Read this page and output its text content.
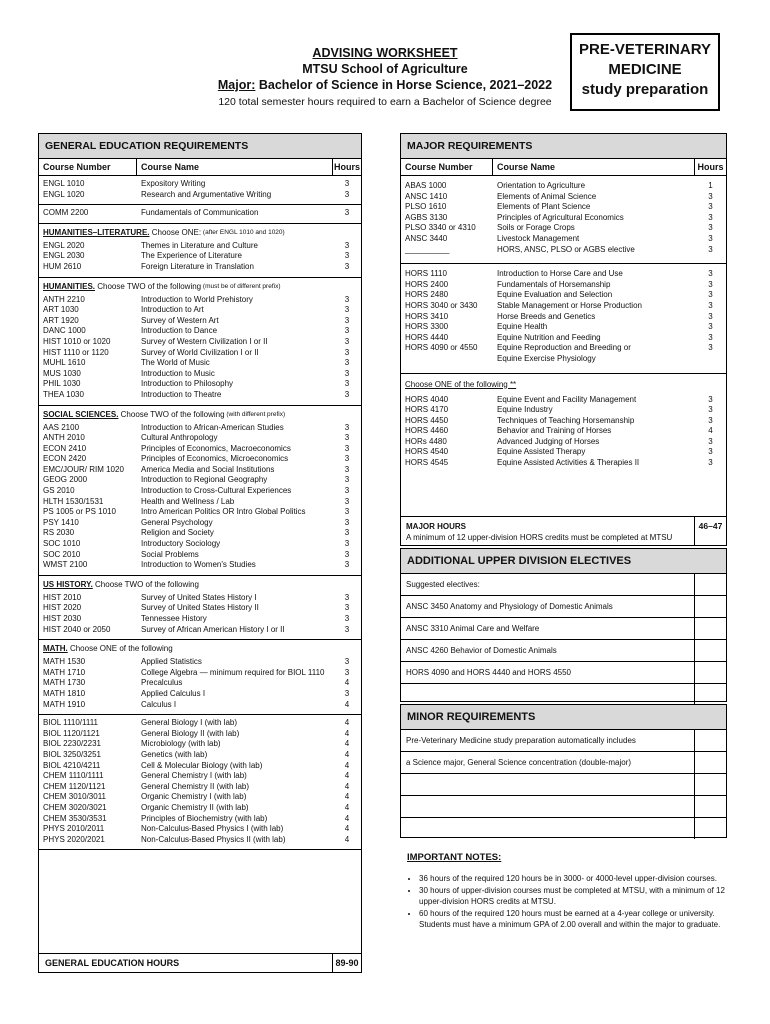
ADVISING WORKSHEET
MTSU School of Agriculture
Major: Bachelor of Science in Horse Science, 2021–2022
120 total semester hours required to earn a Bachelor of Science degree
PRE-VETERINARY
MEDICINE
study preparation
GENERAL EDUCATION REQUIREMENTS
Course Number	Course Name	Hours
ENGL 1010	Expository Writing	3
ENGL 1020	Research and Argumentative Writing	3
COMM 2200	Fundamentals of Communication	3
HUMANITIES–LITERATURE. Choose ONE: (after ENGL 1010 and 1020)
ENGL 2020	Themes in Literature and Culture	3
ENGL 2030	The Experience of Literature	3
HUM 2610	Foreign Literature in Translation	3
HUMANITIES. Choose TWO of the following (must be of different prefix)
ANTH 2210	Introduction to World Prehistory	3
ART 1030	Introduction to Art	3
ART 1920	Survey of Western Art	3
DANC 1000	Introduction to Dance	3
HIST 1010 or 1020	Survey of Western Civilization I or II	3
HIST 1110 or 1120	Survey of World Civilization I or II	3
MUHL 1610	The World of Music	3
MUS 1030	Introduction to Music	3
PHIL 1030	Introduction to Philosophy	3
THEA 1030	Introduction to Theatre	3
SOCIAL SCIENCES. Choose TWO of the following (with different prefix)
AAS 2100	Introduction to African-American Studies	3
ANTH 2010	Cultural Anthropology	3
ECON 2410	Principles of Economics, Macroeconomics	3
ECON 2420	Principles of Economics, Microeconomics	3
EMC/JOUR/ RIM 1020	America Media and Social Institutions	3
GEOG 2000	Introduction to Regional Geography	3
GS 2010	Introduction to Cross-Cultural Experiences	3
HLTH 1530/1531	Health and Wellness / Lab	3
PS 1005 or PS 1010	Intro American Politics OR Intro Global Politics	3
PSY 1410	General Psychology	3
RS 2030	Religion and Society	3
SOC 1010	Introductory Sociology	3
SOC 2010	Social Problems	3
WMST 2100	Introduction to Women's Studies	3
US HISTORY. Choose TWO of the following
HIST 2010	Survey of United States History I	3
HIST 2020	Survey of United States History II	3
HIST 2030	Tennessee History	3
HIST 2040 or 2050	Survey of African American History I or II	3
MATH. Choose ONE of the following
MATH 1530	Applied Statistics	3
MATH 1710	College Algebra — minimum required for BIOL 1110	3
MATH 1730	Precalculus	4
MATH 1810	Applied Calculus I	3
MATH 1910	Calculus I	4
BIOL 1110/1111	General Biology I (with lab)	4
BIOL 1120/1121	General Biology II (with lab)	4
BIOL 2230/2231	Microbiology (with lab)	4
BIOL 3250/3251	Genetics (with lab)	4
BIOL 4210/4211	Cell & Molecular Biology (with lab)	4
CHEM 1110/1111	General Chemistry I (with lab)	4
CHEM 1120/1121	General Chemistry II (with lab)	4
CHEM 3010/3011	Organic Chemistry I (with lab)	4
CHEM 3020/3021	Organic Chemistry II (with lab)	4
CHEM 3530/3531	Principles of Biochemistry (with lab)	4
PHYS 2010/2011	Non-Calculus-Based Physics I (with lab)	4
PHYS 2020/2021	Non-Calculus-Based Physics II (with lab)	4
GENERAL EDUCATION HOURS	89-90
MAJOR REQUIREMENTS
Course Number	Course Name	Hours
ABAS 1000	Orientation to Agriculture	1
ANSC 1410	Elements of Animal Science	3
PLSO 1610	Elements of Plant Science	3
AGBS 3130	Principles of Agricultural Economics	3
PLSO 3340 or 4310	Soils or Forage Crops	3
ANSC 3440	Livestock Management	3
__________	HORS, ANSC, PLSO or AGBS elective	3
HORS 1110	Introduction to Horse Care and Use	3
HORS 2400	Fundamentals of Horsemanship	3
HORS 2480	Equine Evaluation and Selection	3
HORS 3040 or 3430	Stable Management or Horse Production	3
HORS 3410	Horse Breeds and Genetics	3
HORS 3300	Equine Health	3
HORS 4440	Equine Nutrition and Feeding	3
HORS 4090 or 4550	Equine Reproduction and Breeding or	3
Equine Exercise Physiology
Choose ONE of the following **
HORS 4040	Equine Event and Facility Management	3
HORS 4170	Equine Industry	3
HORS 4450	Techniques of Teaching Horsemanship	3
HORS 4460	Behavior and Training of Horses	4
HORs 4480	Advanced Judging of Horses	3
HORS 4540	Equine Assisted Therapy	3
HORS 4545	Equine Assisted Activities & Therapies II	3
MAJOR HOURS
A minimum of 12 upper-division HORS credits must be completed at MTSU
46–47
ADDITIONAL UPPER DIVISION ELECTIVES
Suggested electives:
ANSC 3450 Anatomy and Physiology of Domestic Animals
ANSC 3310 Animal Care and Welfare
ANSC 4260 Behavior of Domestic Animals
HORS 4090 and HORS 4440 and HORS 4550
MINOR REQUIREMENTS
Pre-Veterinary Medicine study preparation automatically includes
a Science major, General Science concentration (double-major)
IMPORTANT NOTES:
• 36 hours of the required 120 hours be in 3000- or 4000-level upper-division courses.
• 30 hours of upper-division courses must be completed at MTSU, with a minimum of 12 upper-division HORS credits at MTSU.
• 60 hours of the required 120 hours must be earned at a 4-year college or university. Students must have a minimum GPA of 2.00 overall and within the major to graduate.
